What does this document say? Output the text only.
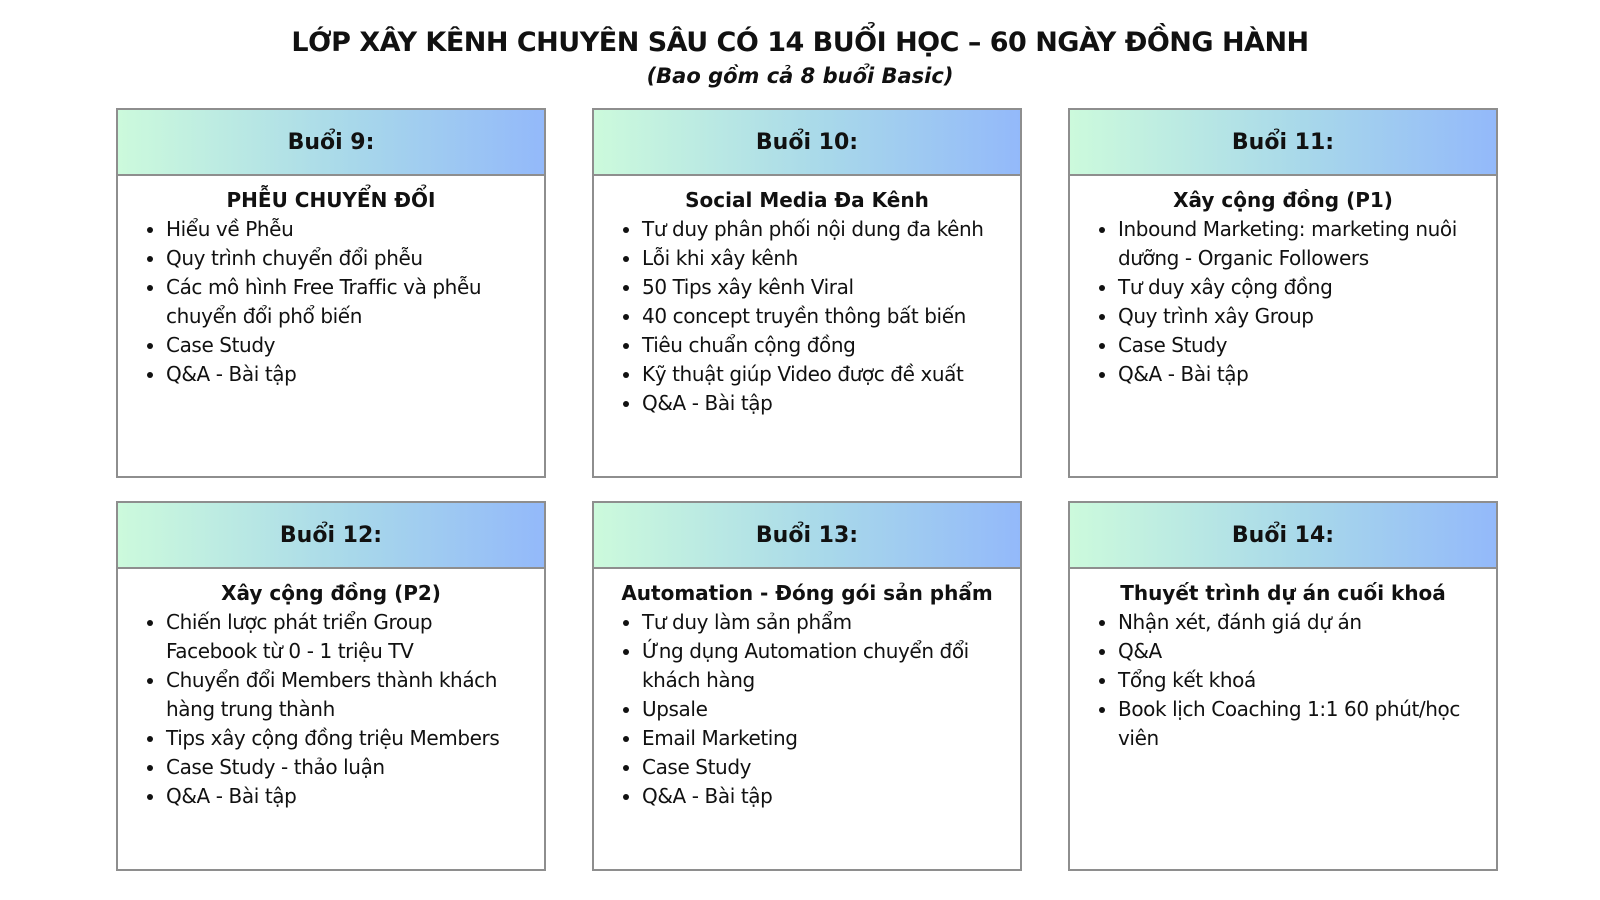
LỚP XÂY KÊNH CHUYÊN SÂU CÓ 14 BUỔI HỌC – 60 NGÀY ĐỒNG HÀNH
(Bao gồm cả 8 buổi Basic)
Buổi 9:
PHỄU CHUYỂN ĐỔI
• Hiểu về Phễu
• Quy trình chuyển đổi phễu
• Các mô hình Free Traffic và phễu chuyển đổi phổ biến
• Case Study
• Q&A - Bài tập
Buổi 10:
Social Media Đa Kênh
• Tư duy phân phối nội dung đa kênh
• Lỗi khi xây kênh
• 50 Tips xây kênh Viral
• 40 concept truyền thông bất biến
• Tiêu chuẩn cộng đồng
• Kỹ thuật giúp Video được đề xuất
• Q&A - Bài tập
Buổi 11:
Xây cộng đồng (P1)
• Inbound Marketing: marketing nuôi dưỡng - Organic Followers
• Tư duy xây cộng đồng
• Quy trình xây Group
• Case Study
• Q&A - Bài tập
Buổi 12:
Xây cộng đồng (P2)
• Chiến lược phát triển Group Facebook từ 0 - 1 triệu TV
• Chuyển đổi Members thành khách hàng trung thành
• Tips xây cộng đồng triệu Members
• Case Study - thảo luận
• Q&A - Bài tập
Buổi 13:
Automation - Đóng gói sản phẩm
• Tư duy làm sản phẩm
• Ứng dụng Automation chuyển đổi khách hàng
• Upsale
• Email Marketing
• Case Study
• Q&A - Bài tập
Buổi 14:
Thuyết trình dự án cuối khoá
• Nhận xét, đánh giá dự án
• Q&A
• Tổng kết khoá
• Book lịch Coaching 1:1 60 phút/học viên
